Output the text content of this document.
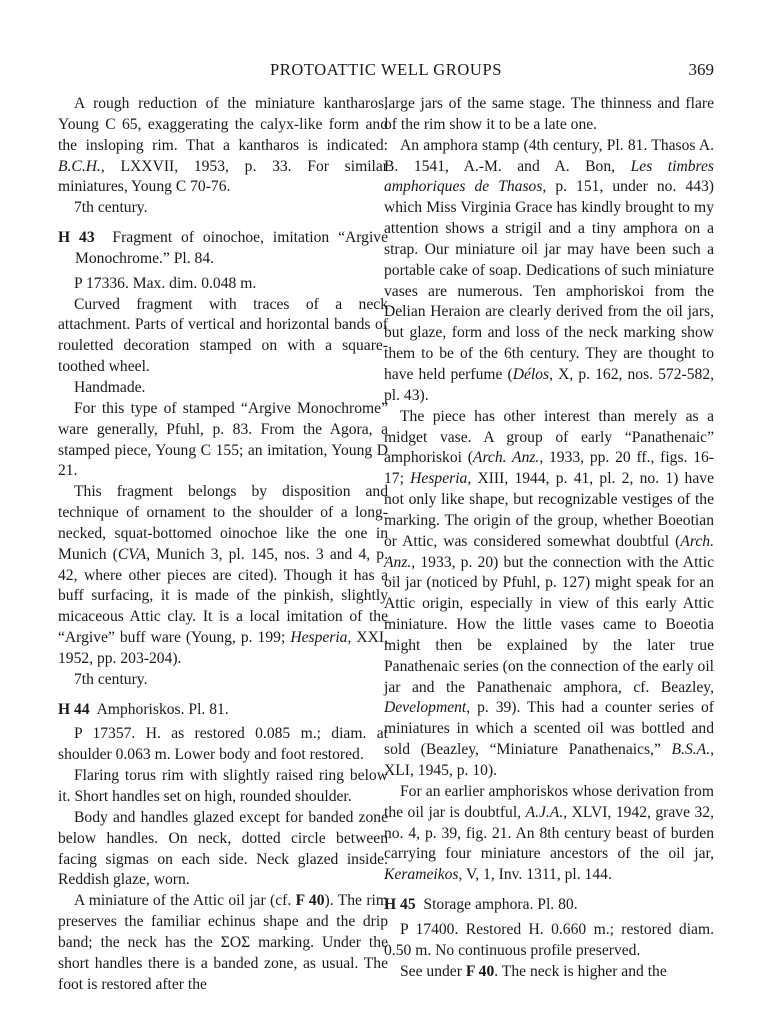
PROTOATTIC WELL GROUPS	369

A rough reduction of the miniature kantharos, Young C 65, exaggerating the calyx-like form and the insloping rim. That a kantharos is indicated: B.C.H., LXXVII, 1953, p. 33. For similar miniatures, Young C 70-76.

7th century.

H 43 Fragment of oinochoe, imitation “Argive Monochrome.” Pl. 84.

P 17336. Max. dim. 0.048 m.

Curved fragment with traces of a neck attachment. Parts of vertical and horizontal bands of rouletted decoration stamped on with a square-toothed wheel.

Handmade.

For this type of stamped “Argive Monochrome” ware generally, Pfuhl, p. 83. From the Agora, a stamped piece, Young C 155; an imitation, Young D 21.

This fragment belongs by disposition and technique of ornament to the shoulder of a long-necked, squat-bottomed oinochoe like the one in Munich (CVA, Munich 3, pl. 145, nos. 3 and 4, p. 42, where other pieces are cited). Though it has a buff surfacing, it is made of the pinkish, slightly micaceous Attic clay. It is a local imitation of the “Argive” buff ware (Young, p. 199; Hesperia, XXI, 1952, pp. 203-204).

7th century.

H 44 Amphoriskos. Pl. 81.

P 17357. H. as restored 0.085 m.; diam. at shoulder 0.063 m. Lower body and foot restored.

Flaring torus rim with slightly raised ring below it. Short handles set on high, rounded shoulder.

Body and handles glazed except for banded zone below handles. On neck, dotted circle between facing sigmas on each side. Neck glazed inside. Reddish glaze, worn.

A miniature of the Attic oil jar (cf. F 40). The rim preserves the familiar echinus shape and the drip band; the neck has the ΣΟΣ marking. Under the short handles there is a banded zone, as usual. The foot is restored after the

large jars of the same stage. The thinness and flare of the rim show it to be a late one.

An amphora stamp (4th century, Pl. 81. Thasos A. B. 1541, A.-M. and A. Bon, Les timbres amphoriques de Thasos, p. 151, under no. 443) which Miss Virginia Grace has kindly brought to my attention shows a strigil and a tiny amphora on a strap. Our miniature oil jar may have been such a portable cake of soap. Dedications of such miniature vases are numerous. Ten amphoriskoi from the Delian Heraion are clearly derived from the oil jars, but glaze, form and loss of the neck marking show them to be of the 6th century. They are thought to have held perfume (Délos, X, p. 162, nos. 572-582, pl. 43).

The piece has other interest than merely as a midget vase. A group of early “Panathenaic” amphoriskoi (Arch. Anz., 1933, pp. 20 ff., figs. 16-17; Hesperia, XIII, 1944, p. 41, pl. 2, no. 1) have not only like shape, but recognizable vestiges of the marking. The origin of the group, whether Boeotian or Attic, was considered somewhat doubtful (Arch. Anz., 1933, p. 20) but the connection with the Attic oil jar (noticed by Pfuhl, p. 127) might speak for an Attic origin, especially in view of this early Attic miniature. How the little vases came to Boeotia might then be explained by the later true Panathenaic series (on the connection of the early oil jar and the Panathenaic amphora, cf. Beazley, Development, p. 39). This had a counter series of miniatures in which a scented oil was bottled and sold (Beazley, “Miniature Panathenaics,” B.S.A., XLI, 1945, p. 10).

For an earlier amphoriskos whose derivation from the oil jar is doubtful, A.J.A., XLVI, 1942, grave 32, no. 4, p. 39, fig. 21. An 8th century beast of burden carrying four miniature ancestors of the oil jar, Kerameikos, V, 1, Inv. 1311, pl. 144.

H 45 Storage amphora. Pl. 80.

P 17400. Restored H. 0.660 m.; restored diam. 0.50 m. No continuous profile preserved.

See under F 40. The neck is higher and the
